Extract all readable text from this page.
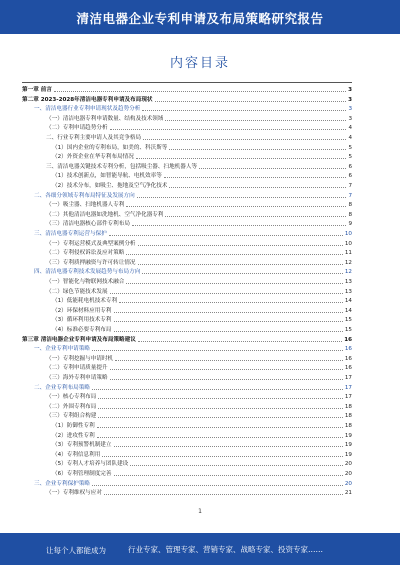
清洁电器企业专利申请及布局策略研究报告
内容目录
第一章 前言	3
第二章 2023-2028年清洁电器专利申请及布局现状	3
一、清洁电器行业专利申请现状及趋势分析	3
（一）清洁电器专利申请数量、结构及技术领域	3
（二）专利申请趋势分析	4
二、行业专利主要申请人及其竞争格局	4
（1）国内企业的专利布局，如美的、科沃斯等	5
（2）外资企业在华专利布局情况	5
三、清洁电器关键技术专利分析，包括吸尘器、扫地机器人等	6
（1）技术创新点，如智能导航、电机效率等	6
（2）技术分布，如吸尘、拖地及空气净化技术	7
二、各细分领域专利布局特征及发展方向	7
（一）吸尘器、扫地机器人专利	8
（二）其他清洁电器如洗地机、空气净化器专利	8
（三）清洁电器核心部件专利布局	9
三、清洁电器专利运营与保护	10
（一）专利运营模式及典型案例分析	10
（二）专利侵权诉讼及应对策略	11
（三）专利质押融资与许可转让情况	12
四、清洁电器专利技术发展趋势与布局方向	12
（一）智能化与物联网技术融合	13
（二）绿色节能技术发展	13
（1）低能耗电机技术专利	14
（2）环保材料应用专利	14
（3）循环利用技术专利	15
（4）标准必要专利布局	15
第三章 清洁电器企业专利申请及布局策略建议	16
一、企业专利申请策略	16
（一）专利挖掘与申请时机	16
（二）专利申请质量提升	16
（三）海外专利申请策略	17
二、企业专利布局策略	17
（一）核心专利布局	17
（二）外围专利布局	18
（三）专利组合构建	18
（1）防御性专利	18
（2）进攻性专利	19
（3）专利预警机制建立	19
（4）专利信息利用	19
（5）专利人才培养与团队建设	20
（6）专利管理制度完善	20
三、企业专利保护策略	20
（一）专利维权与应对	21
1
让每个人都能成为	行业专家、管理专家、营销专家、战略专家、投资专家……
